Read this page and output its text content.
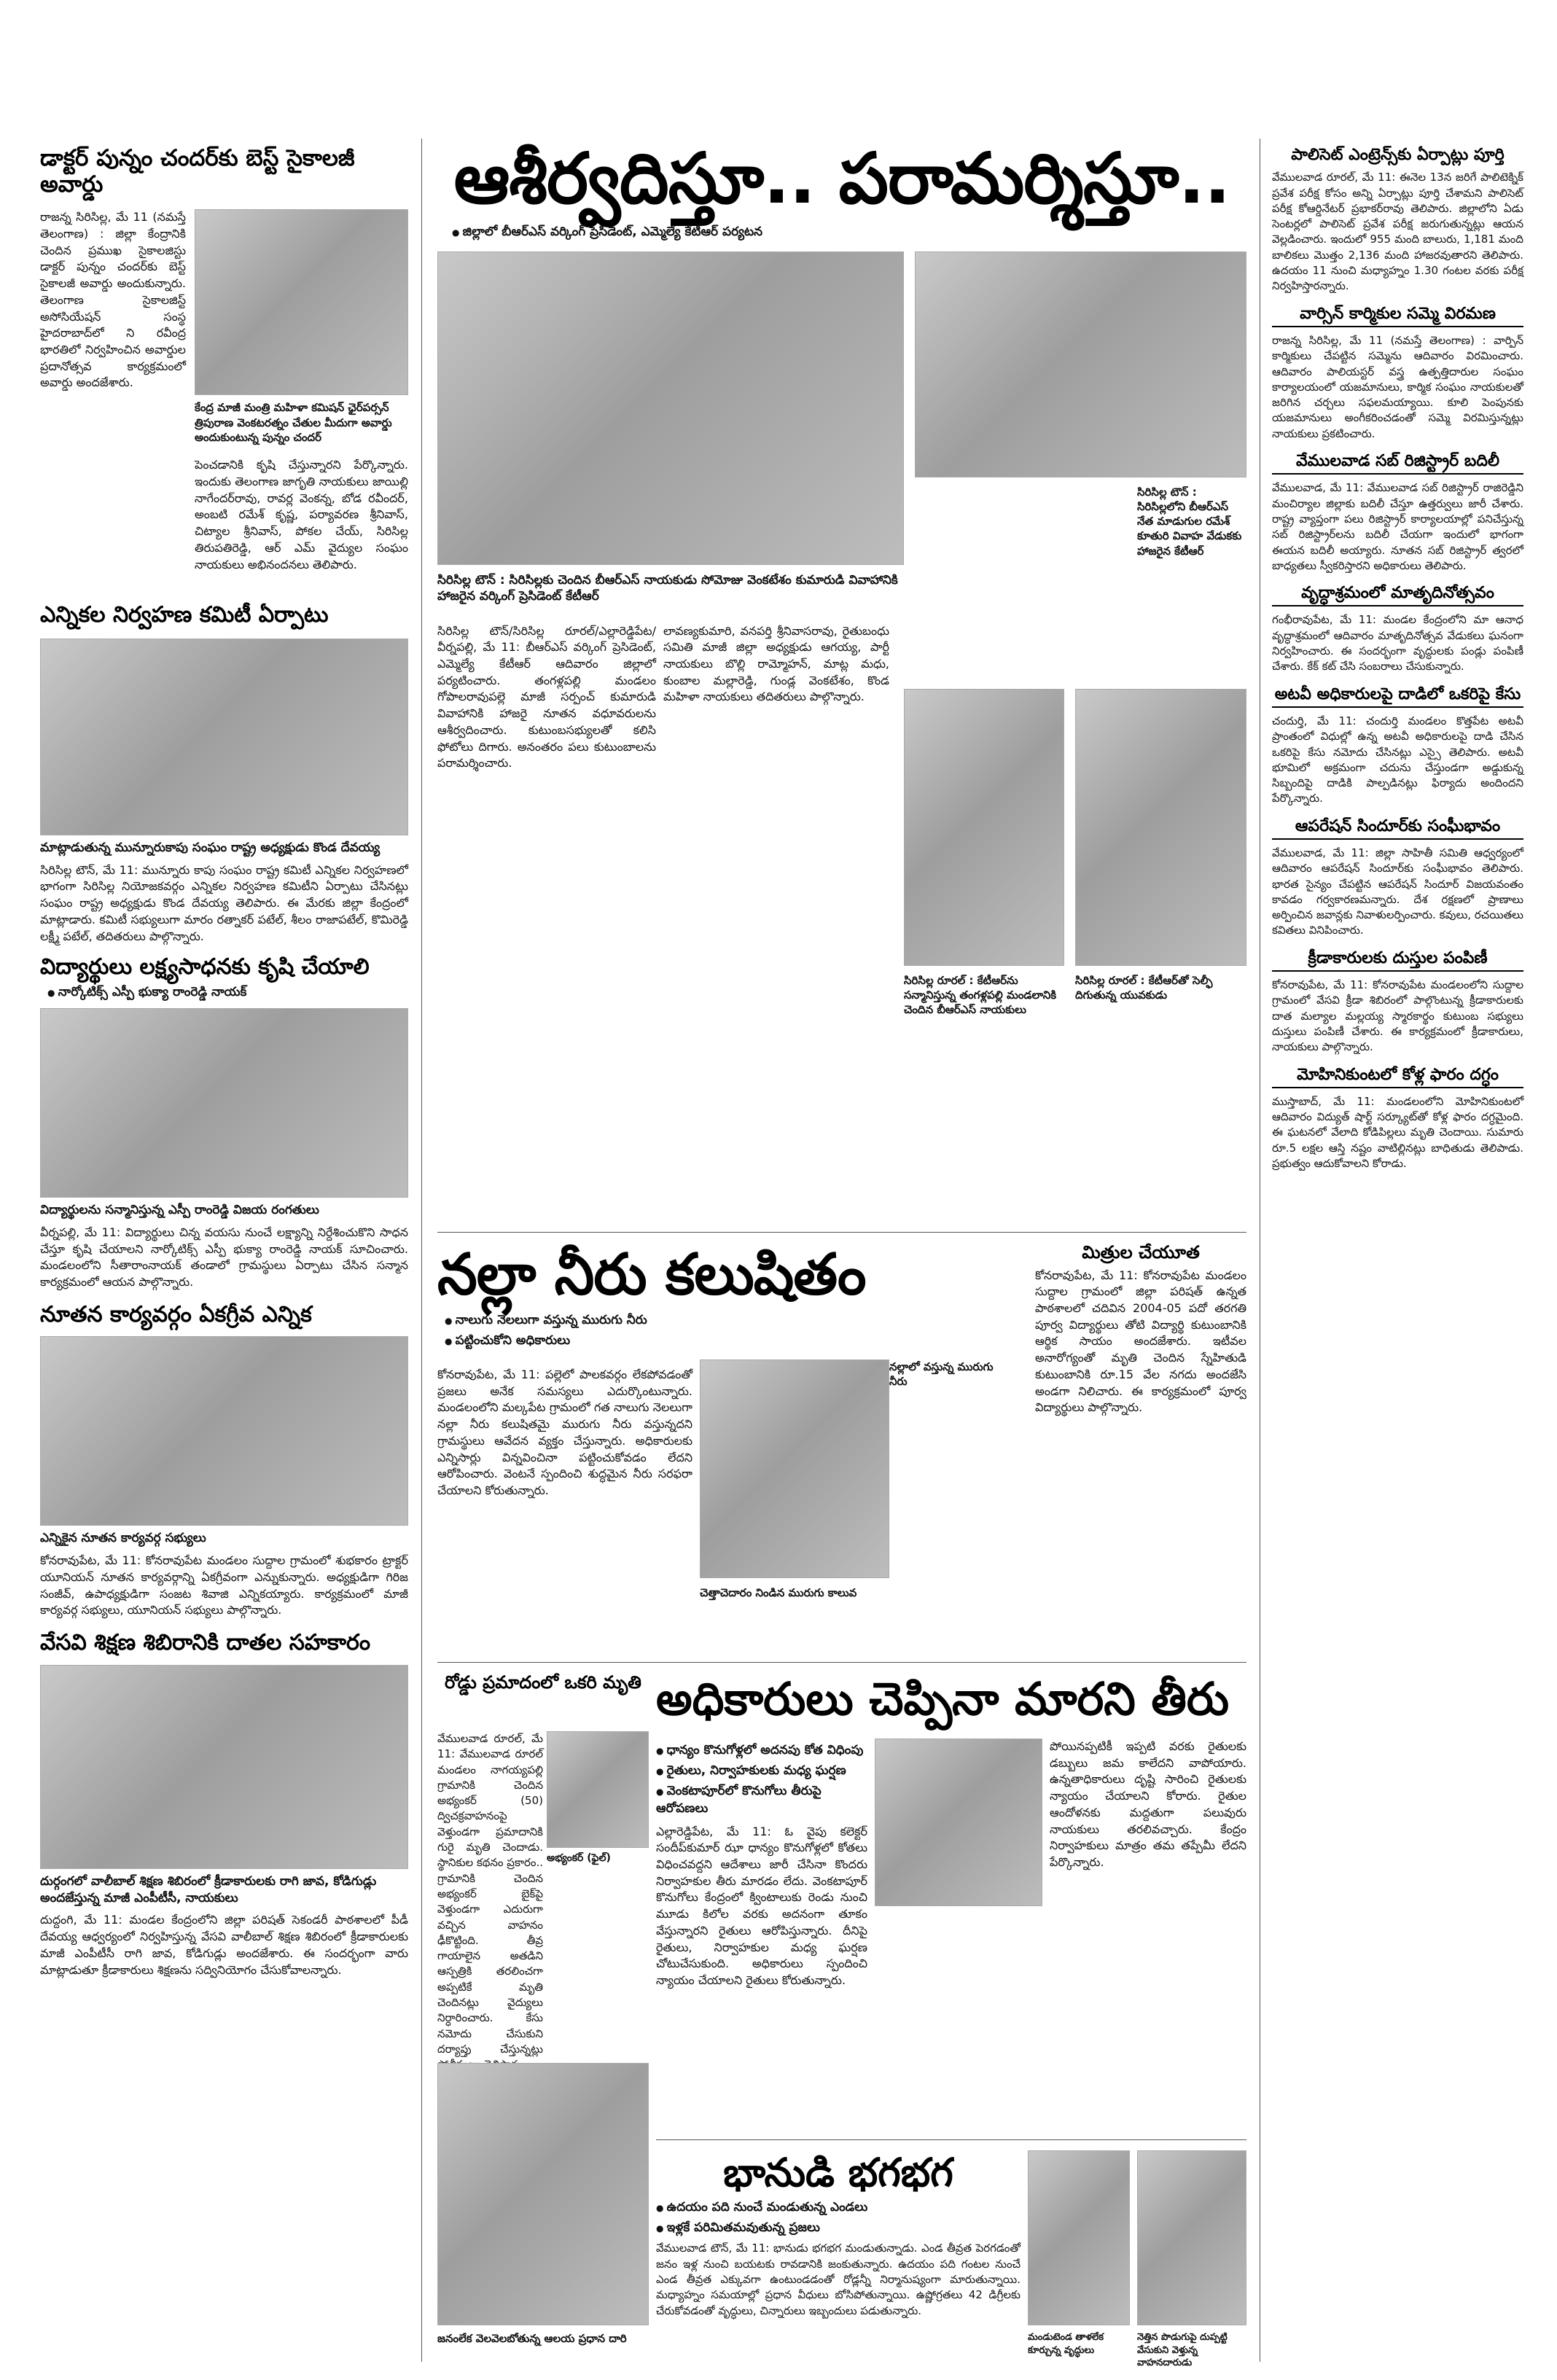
డాక్టర్ పున్నం చందర్‌కు బెస్ట్ సైకాలజీ అవార్డు

రాజన్న సిరిసిల్ల, మే 11 (నమస్తే తెలంగాణ) : జిల్లా కేంద్రానికి చెందిన ప్రముఖ సైకాలజిస్టు డాక్టర్ పున్నం చందర్‌కు బెస్ట్ సైకాలజీ అవార్డు అందుకున్నారు. తెలంగాణ సైకాలజిస్ట్ అసోసియేషన్ సంస్థ హైదరాబాద్‌లో ని రవీంద్ర భారతిలో నిర్వహించిన అవార్డుల ప్రదానోత్సవ కార్యక్రమంలో అవార్డు అందజేశారు.

కేంద్ర మాజీ మంత్రి మహిళా కమిషన్ ఛైర్‌పర్సన్ త్రిపురాణ వెంకటరత్నం చేతుల మీదుగా అవార్డు అందుకుంటున్న పున్నం చందర్

పెంచడానికి కృషి చేస్తున్నారని పేర్కొన్నారు. ఇందుకు తెలంగాణ జాగృతి నాయకులు జాయిల్లి నాగేందర్‌రావు, రావర్ల వెంకన్న, బోడ రవీందర్, అంబటి రమేశ్ కృష్ణ, పర్యావరణ శ్రీనివాస్, చిట్యాల శ్రీనివాస్, పోకల చేయ్, సిరిసిల్ల తిరుపతిరెడ్డి, ఆర్ ఎమ్ వైద్యుల సంఘం నాయకులు అభినందనలు తెలిపారు.

ఎన్నికల నిర్వహణ కమిటీ ఏర్పాటు
మాట్లాడుతున్న మున్నూరుకాపు సంఘం రాష్ట్ర అధ్యక్షుడు కొండ దేవయ్య

సిరిసిల్ల టౌన్, మే 11: మున్నూరు కాపు సంఘం రాష్ట్ర కమిటీ ఎన్నికల నిర్వహణలో భాగంగా సిరిసిల్ల నియోజకవర్గం ఎన్నికల నిర్వహణ కమిటీని ఏర్పాటు చేసినట్లు సంఘం రాష్ట్ర అధ్యక్షుడు కొండ దేవయ్య తెలిపారు. ఈ మేరకు జిల్లా కేంద్రంలో మాట్లాడారు. కమిటీ సభ్యులుగా మారం రత్నాకర్ పటేల్, శీలం రాజాపటేల్, కొమిరెడ్డి లక్ష్మీ పటేల్, తదితరులు పాల్గొన్నారు.

విద్యార్థులు లక్ష్యసాధనకు కృషి చేయాలి
● నార్కోటిక్స్ ఎస్పీ భుక్యా రాంరెడ్డి నాయక్
విద్యార్థులను సన్మానిస్తున్న ఎస్పీ రాంరెడ్డి విజయ రంగతులు

వీర్నపల్లి, మే 11: విద్యార్థులు చిన్న వయసు నుంచే లక్ష్యాన్ని నిర్దేశించుకొని సాధన చేస్తూ కృషి చేయాలని నార్కోటిక్స్ ఎస్పీ భుక్యా రాంరెడ్డి నాయక్ సూచించారు. మండలంలోని సీతారాంనాయక్ తండాలో గ్రామస్థులు ఏర్పాటు చేసిన సన్మాన కార్యక్రమంలో ఆయన పాల్గొన్నారు.

నూతన కార్యవర్గం ఏకగ్రీవ ఎన్నిక
ఎన్నికైన నూతన కార్యవర్గ సభ్యులు

కోనరావుపేట, మే 11: కోనరావుపేట మండలం సుద్దాల గ్రామంలో శుభకారం ట్రాక్టర్ యూనియన్ నూతన కార్యవర్గాన్ని ఏకగ్రీవంగా ఎన్నుకున్నారు. అధ్యక్షుడిగా గిరిజ సంజీవ్, ఉపాధ్యక్షుడిగా సంజట శివాజి ఎన్నికయ్యారు. కార్యక్రమంలో మాజీ కార్యవర్గ సభ్యులు, యూనియన్ సభ్యులు పాల్గొన్నారు.

వేసవి శిక్షణ శిబిరానికి దాతల సహకారం
దుర్గంగలో వాలీబాల్ శిక్షణ శిబిరంలో క్రీడాకారులకు రాగి జావ, కోడిగుడ్లు అందజేస్తున్న మాజీ ఎంపీటీసీ, నాయకులు

దుద్దంగి, మే 11: మండల కేంద్రంలోని జిల్లా పరిషత్ సెకండరీ పాఠశాలలో పీడీ దేవయ్య ఆధ్వర్యంలో నిర్వహిస్తున్న వేసవి వాలీబాల్ శిక్షణ శిబిరంలో క్రీడాకారులకు మాజీ ఎంపీటీసీ రాగి జావ, కోడిగుడ్లు అందజేశారు. ఈ సందర్భంగా వారు మాట్లాడుతూ క్రీడాకారులు శిక్షణను సద్వినియోగం చేసుకోవాలన్నారు.

ఆశీర్వదిస్తూ.. పరామర్శిస్తూ..
● జిల్లాలో బీఆర్‌ఎస్ వర్కింగ్ ప్రెసిడెంట్, ఎమ్మెల్యే కేటీఆర్ పర్యటన
సిరిసిల్ల టౌన్ : సిరిసిల్లకు చెందిన బీఆర్‌ఎస్ నాయకుడు సోమోజు వెంకటేశం కుమారుడి వివాహానికి హాజరైన వర్కింగ్ ప్రెసిడెంట్ కేటీఆర్
సిరిసిల్ల టౌన్ : సిరిసిల్లలోని బీఆర్‌ఎస్ నేత మాడుగుల రమేశ్ కూతురి వివాహ వేడుకకు హాజరైన కేటీఆర్

సిరిసిల్ల టౌన్/సిరిసిల్ల రూరల్/ఎల్లారెడ్డిపేట/వీర్నపల్లి, మే 11: బీఆర్‌ఎస్ వర్కింగ్ ప్రెసిడెంట్, ఎమ్మెల్యే కేటీఆర్ ఆదివారం జిల్లాలో పర్యటించారు. తంగళ్లపల్లి మండలం గోపాలరావుపల్లె మాజీ సర్పంచ్ కుమారుడి వివాహానికి హాజరై నూతన వధూవరులను ఆశీర్వదించారు. కుటుంబసభ్యులతో కలిసి ఫోటోలు దిగారు. అనంతరం పలు కుటుంబాలను పరామర్శించారు.

లావణ్యకుమారి, వనపర్తి శ్రీనివాసరావు, రైతుబంధు సమితి మాజీ జిల్లా అధ్యక్షుడు ఆగయ్య, పార్టీ నాయకులు బొల్లి రామ్మోహన్, మాట్ల మధు, కుంబాల మల్లారెడ్డి, గుండ్ల వెంకటేశం, కొండ మహిళా నాయకులు తదితరులు పాల్గొన్నారు.

సిరిసిల్ల రూరల్ : కేటీఆర్‌ను సన్మానిస్తున్న తంగళ్లపల్లి మండలానికి చెందిన బీఆర్‌ఎస్ నాయకులు
సిరిసిల్ల రూరల్ : కేటీఆర్‌తో సెల్ఫీ దిగుతున్న యువకుడు
నల్లా నీరు కలుషితం
● నాలుగు నెలలుగా వస్తున్న మురుగు నీరు
● పట్టించుకోని అధికారులు
నల్లాలో వస్తున్న మురుగు నీరు

కోనరావుపేట, మే 11: పల్లెలో పాలకవర్గం లేకపోవడంతో ప్రజలు అనేక సమస్యలు ఎదుర్కొంటున్నారు. మండలంలోని మల్కపేట గ్రామంలో గత నాలుగు నెలలుగా నల్లా నీరు కలుషితమై మురుగు నీరు వస్తున్నదని గ్రామస్థులు ఆవేదన వ్యక్తం చేస్తున్నారు. అధికారులకు ఎన్నిసార్లు విన్నవించినా పట్టించుకోవడం లేదని ఆరోపించారు. వెంటనే స్పందించి శుద్ధమైన నీరు సరఫరా చేయాలని కోరుతున్నారు.

చెత్తాచెదారం నిండిన మురుగు కాలువ
మిత్రుల చేయూత

కోనరావుపేట, మే 11: కోనరావుపేట మండలం సుద్దాల గ్రామంలో జిల్లా పరిషత్ ఉన్నత పాఠశాలలో చదివిన 2004-05 పదో తరగతి పూర్వ విద్యార్థులు తోటి విద్యార్థి కుటుంబానికి ఆర్థిక సాయం అందజేశారు. ఇటీవల అనారోగ్యంతో మృతి చెందిన స్నేహితుడి కుటుంబానికి రూ.15 వేల నగదు అందజేసి అండగా నిలిచారు. ఈ కార్యక్రమంలో పూర్వ విద్యార్థులు పాల్గొన్నారు.

రోడ్డు ప్రమాదంలో ఒకరి మృతి
అభ్యంకర్ (ఫైల్)

వేములవాడ రూరల్, మే 11: వేములవాడ రూరల్ మండలం నాగయ్యపల్లి గ్రామానికి చెందిన అభ్యంకర్ (50) ద్విచక్రవాహనంపై వెళ్తుండగా ప్రమాదానికి గురై మృతి చెందాడు. స్థానికుల కథనం ప్రకారం.. గ్రామానికి చెందిన అభ్యంకర్ బైక్‌పై వెళ్తుండగా ఎదురుగా వచ్చిన వాహనం ఢీకొట్టింది. తీవ్ర గాయాలైన అతడిని ఆస్పత్రికి తరలించగా అప్పటికే మృతి చెందినట్లు వైద్యులు నిర్ధారించారు. కేసు నమోదు చేసుకుని దర్యాప్తు చేస్తున్నట్లు

అధికారులు చెప్పినా మారని తీరు
● ధాన్యం కొనుగోళ్లలో అదనపు కోత విధింపు
● రైతులు, నిర్వాహకులకు మధ్య ఘర్షణ
● వెంకటాపూర్‌లో కొనుగోలు తీరుపై ఆరోపణలు

ఎల్లారెడ్డిపేట, మే 11: ఓ వైపు కలెక్టర్ సందీప్‌కుమార్ ఝా ధాన్యం కొనుగోళ్లలో కోతలు విధించవద్దని ఆదేశాలు జారీ చేసినా కొందరు నిర్వాహకుల తీరు మారడం లేదు. వెంకటాపూర్ కొనుగోలు కేంద్రంలో క్వింటాలుకు రెండు నుంచి మూడు కిలోల వరకు అదనంగా తూకం వేస్తున్నారని రైతులు ఆరోపిస్తున్నారు. దీనిపై రైతులు, నిర్వాహకుల మధ్య ఘర్షణ చోటుచేసుకుంది. అధికారులు స్పందించి న్యాయం చేయాలని రైతులు కోరుతున్నారు.

పోయినప్పటికీ ఇప్పటి వరకు రైతులకు డబ్బులు జమ కాలేదని వాపోయారు. ఉన్నతాధికారులు దృష్టి సారించి రైతులకు న్యాయం చేయాలని కోరారు. రైతుల ఆందోళనకు మద్దతుగా పలువురు నాయకులు తరలివచ్చారు. కేంద్రం నిర్వాహకులు మాత్రం తమ తప్పేమీ లేదని పేర్కొన్నారు.

జనంలేక వెలవెలబోతున్న ఆలయ ప్రధాన దారి
భానుడి భగభగ
● ఉదయం పది నుంచే మండుతున్న ఎండలు
● ఇళ్లకే పరిమితమవుతున్న ప్రజలు

వేములవాడ టౌన్, మే 11: భానుడు భగభగ మండుతున్నాడు. ఎండ తీవ్రత పెరగడంతో జనం ఇళ్ల నుంచి బయటకు రావడానికి జంకుతున్నారు. ఉదయం పది గంటల నుంచే ఎండ తీవ్రత ఎక్కువగా ఉంటుండడంతో రోడ్లన్నీ నిర్మానుష్యంగా మారుతున్నాయి. మధ్యాహ్నం సమయాల్లో ప్రధాన వీధులు బోసిపోతున్నాయి. ఉష్ణోగ్రతలు 42 డిగ్రీలకు చేరుకోవడంతో వృద్ధులు, చిన్నారులు ఇబ్బందులు పడుతున్నారు.

మండుటెండ తాళలేక కూర్చున్న వృద్ధులు
నెత్తిన పొడుగుపై దుప్పట్టి వేసుకుని వెళ్తున్న వాహనదారుడు
పాలిసెట్ ఎంట్రెన్స్‌కు ఏర్పాట్లు పూర్తి

వేములవాడ రూరల్, మే 11: ఈనెల 13న జరిగే పాలిటెక్నిక్ ప్రవేశ పరీక్ష కోసం అన్ని ఏర్పాట్లు పూర్తి చేశామని పాలిసెట్ పరీక్ష కోఆర్డినేటర్ ప్రభాకర్‌రావు తెలిపారు. జిల్లాలోని ఏడు సెంటర్లలో పాలిసెట్ ప్రవేశ పరీక్ష జరుగుతున్నట్లు ఆయన వెల్లడించారు. ఇందులో 955 మంది బాలురు, 1,181 మంది బాలికలు మొత్తం 2,136 మంది హాజరవుతారని తెలిపారు. ఉదయం 11 నుంచి మధ్యాహ్నం 1.30 గంటల వరకు పరీక్ష నిర్వహిస్తారన్నారు.

వార్సిన్ కార్మికుల సమ్మె విరమణ

రాజన్న సిరిసిల్ల, మే 11 (నమస్తే తెలంగాణ) : వార్పిన్ కార్మికులు చేపట్టిన సమ్మెను ఆదివారం విరమించారు. ఆదివారం పాలియస్టర్ వస్త్ర ఉత్పత్తిదారుల సంఘం కార్యాలయంలో యజమానులు, కార్మిక సంఘం నాయకులతో జరిగిన చర్చలు సఫలమయ్యాయి. కూలి పెంపునకు యజమానులు అంగీకరించడంతో సమ్మె విరమిస్తున్నట్లు నాయకులు ప్రకటించారు.

వేములవాడ సబ్ రిజిస్ట్రార్ బదిలీ

వేములవాడ, మే 11: వేములవాడ సబ్ రిజిస్ట్రార్ రాజిరెడ్డిని మంచిర్యాల జిల్లాకు బదిలీ చేస్తూ ఉత్తర్వులు జారీ చేశారు. రాష్ట్ర వ్యాప్తంగా పలు రిజిస్ట్రార్ కార్యాలయాల్లో పనిచేస్తున్న సబ్ రిజిస్ట్రార్‌లను బదిలీ చేయగా ఇందులో భాగంగా ఈయన బదిలీ అయ్యారు. నూతన సబ్ రిజిస్ట్రార్ త్వరలో బాధ్యతలు స్వీకరిస్తారని అధికారులు తెలిపారు.

వృద్ధాశ్రమంలో మాతృదినోత్సవం

గంభీరావుపేట, మే 11: మండల కేంద్రంలోని మా ఆనాధ వృద్ధాశ్రమంలో ఆదివారం మాతృదినోత్సవ వేడుకలు ఘనంగా నిర్వహించారు. ఈ సందర్భంగా వృద్ధులకు పండ్లు పంపిణీ చేశారు. కేక్ కట్ చేసి సంబరాలు చేసుకున్నారు.

అటవీ అధికారులపై దాడిలో ఒకరిపై కేసు

చందుర్తి, మే 11: చందుర్తి మండలం కొత్తపేట అటవీ ప్రాంతంలో విధుల్లో ఉన్న అటవీ అధికారులపై దాడి చేసిన ఒకరిపై కేసు నమోదు చేసినట్లు ఎస్సై తెలిపారు. అటవీ భూమిలో అక్రమంగా చదును చేస్తుండగా అడ్డుకున్న సిబ్బందిపై దాడికి పాల్పడినట్లు ఫిర్యాదు అందిందని పేర్కొన్నారు.

ఆపరేషన్ సిందూర్‌కు సంఘీభావం

వేములవాడ, మే 11: జిల్లా సాహితీ సమితి ఆధ్వర్యంలో ఆదివారం ఆపరేషన్ సిందూర్‌కు సంఘీభావం తెలిపారు. భారత సైన్యం చేపట్టిన ఆపరేషన్ సిందూర్ విజయవంతం కావడం గర్వకారణమన్నారు. దేశ రక్షణలో ప్రాణాలు అర్పించిన జవాన్లకు నివాళులర్పించారు. కవులు, రచయితలు కవితలు వినిపించారు.

క్రీడాకారులకు దుస్తుల పంపిణీ

కోనరావుపేట, మే 11: కోనరావుపేట మండలంలోని సుద్దాల గ్రామంలో వేసవి క్రీడా శిబిరంలో పాల్గొంటున్న క్రీడాకారులకు దాత మల్యాల మల్లయ్య స్మారకార్థం కుటుంబ సభ్యులు దుస్తులు పంపిణీ చేశారు. ఈ కార్యక్రమంలో క్రీడాకారులు, నాయకులు పాల్గొన్నారు.

మోహినికుంటలో కోళ్ల ఫారం దగ్ధం

ముస్తాబాద్, మే 11: మండలంలోని మోహినికుంటలో ఆదివారం విద్యుత్ షార్ట్ సర్క్యూట్‌తో కోళ్ల ఫారం దగ్ధమైంది. ఈ ఘటనలో వేలాది కోడిపిల్లలు మృతి చెందాయి. సుమారు రూ.5 లక్షల ఆస్తి నష్టం వాటిల్లినట్లు బాధితుడు తెలిపాడు. ప్రభుత్వం ఆదుకోవాలని కోరాడు.
